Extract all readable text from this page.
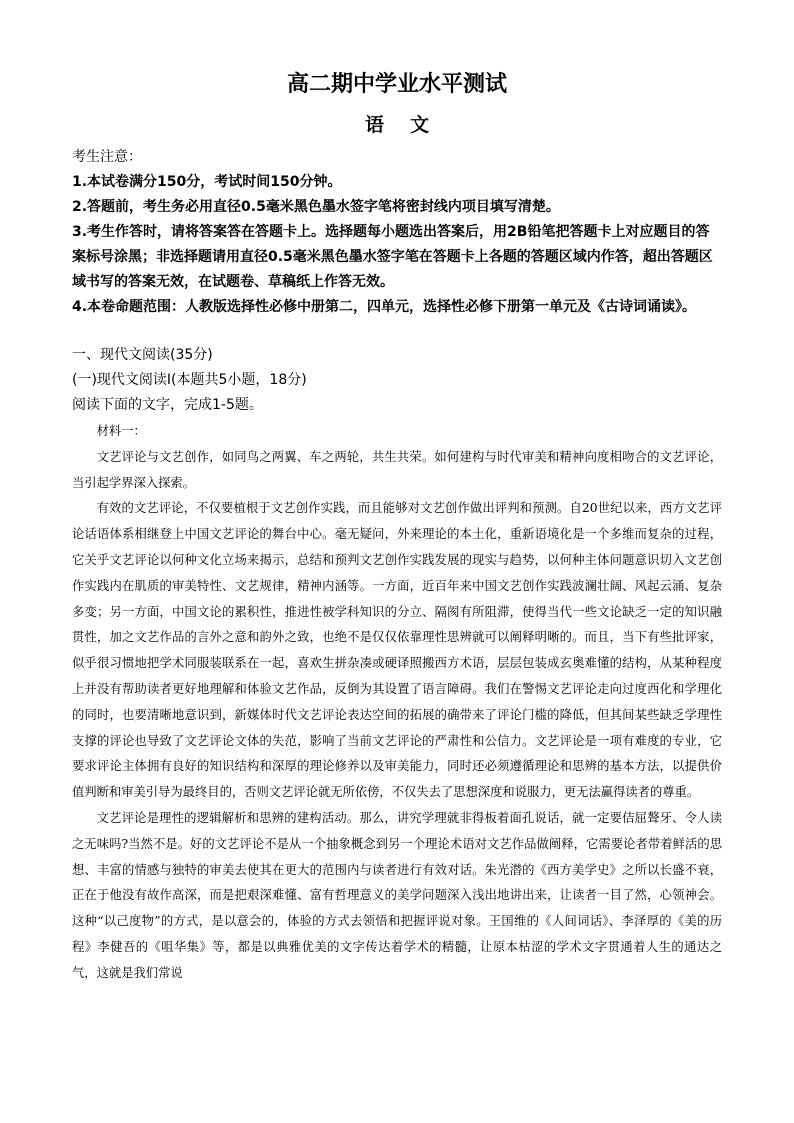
高二期中学业水平测试
语文

考生注意：

1.本试卷满分150分，考试时间150分钟。

2.答题前，考生务必用直径0.5毫米黑色墨水签字笔将密封线内项目填写清楚。

3.考生作答时，请将答案答在答题卡上。选择题每小题选出答案后，用2B铅笔把答题卡上对应题目的答案标号涂黑；非选择题请用直径0.5毫米黑色墨水签字笔在答题卡上各题的答题区域内作答，超出答题区域书写的答案无效，在试题卷、草稿纸上作答无效。

4.本卷命题范围：人教版选择性必修中册第二，四单元，选择性必修下册第一单元及《古诗词诵读》。

一、现代文阅读(35分)

(一)现代文阅读Ⅰ(本题共5小题，18分)

阅读下面的文字，完成1-5题。

材料一：

文艺评论与文艺创作，如同鸟之两翼、车之两轮，共生共荣。如何建构与时代审美和精神向度相吻合的文艺评论，当引起学界深入探索。

有效的文艺评论，不仅要植根于文艺创作实践，而且能够对文艺创作做出评判和预测。自20世纪以来，西方文艺评论话语体系相继登上中国文艺评论的舞台中心。毫无疑问，外来理论的本土化，重新语境化是一个多维而复杂的过程，它关乎文艺评论以何种文化立场来揭示，总结和预判文艺创作实践发展的现实与趋势，以何种主体问题意识切入文艺创作实践内在肌质的审美特性、文艺规律，精神内涵等。一方面，近百年来中国文艺创作实践波澜壮阔、风起云涌、复杂多变；另一方面，中国文论的累积性，推进性被学科知识的分立、隔阂有所阻滞，使得当代一些文论缺乏一定的知识融贯性，加之文艺作品的言外之意和韵外之致，也绝不是仅仅依靠理性思辨就可以阐释明晰的。而且，当下有些批评家，似乎很习惯地把学术同服装联系在一起，喜欢生拼杂凑或硬译照搬西方术语，层层包装成玄奥难懂的结构，从某种程度上并没有帮助读者更好地理解和体验文艺作品，反倒为其设置了语言障碍。我们在警惕文艺评论走向过度西化和学理化的同时，也要清晰地意识到，新媒体时代文艺评论表达空间的拓展的确带来了评论门槛的降低，但其间某些缺乏学理性支撑的评论也导致了文艺评论文体的失范，影响了当前文艺评论的严肃性和公信力。文艺评论是一项有难度的专业，它要求评论主体拥有良好的知识结构和深厚的理论修养以及审美能力，同时还必须遵循理论和思辨的基本方法，以提供价值判断和审美引导为最终目的，否则文艺评论就无所依傍，不仅失去了思想深度和说服力，更无法赢得读者的尊重。

文艺评论是理性的逻辑解析和思辨的建构活动。那么，讲究学理就非得板着面孔说话，就一定要佶屈聱牙、令人读之无味吗?当然不是。好的文艺评论不是从一个抽象概念到另一个理论术语对文艺作品做阐释，它需要论者带着鲜活的思想、丰富的情感与独特的审美去使其在更大的范围内与读者进行有效对话。朱光潜的《西方美学史》之所以长盛不衰，正在于他没有故作高深，而是把艰深难懂、富有哲理意义的美学问题深入浅出地讲出来，让读者一目了然，心领神会。这种“以己度物”的方式，是以意会的，体验的方式去领悟和把握评说对象。王国维的《人间词话》、李泽厚的《美的历程》李健吾的《咀华集》等，都是以典雅优美的文字传达着学术的精髓，让原本枯涩的学术文字贯通着人生的通达之气，这就是我们常说
